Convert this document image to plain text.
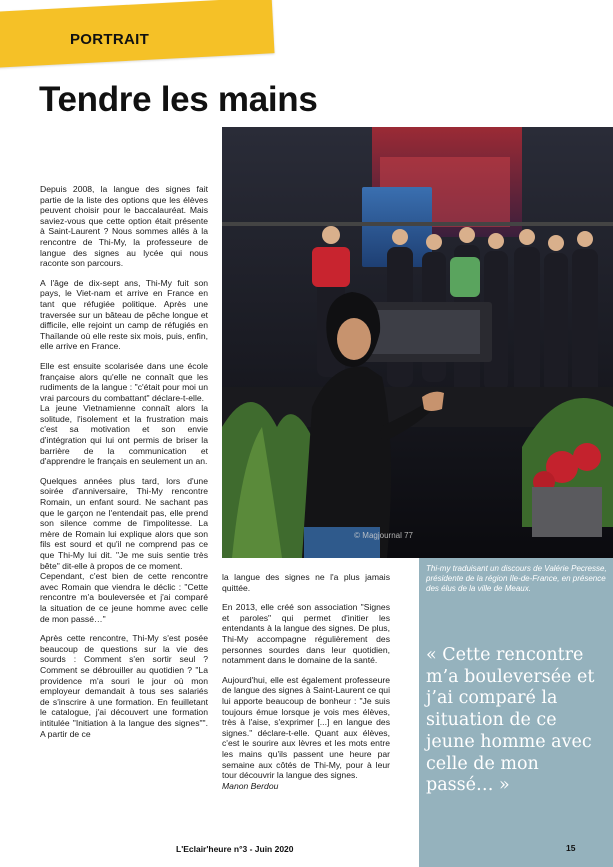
PORTRAIT
Tendre les mains

Depuis 2008, la langue des signes fait partie de la liste des options que les élèves peuvent choisir pour le baccalauréat. Mais saviez-vous que cette option était présente à Saint-Laurent ? Nous sommes allés à la rencontre de Thi-My, la professeure de langue des signes au lycée qui nous raconte son parcours.

A l'âge de dix-sept ans, Thi-My fuit son pays, le Viet-nam et arrive en France en tant que réfugiée politique. Après une traversée sur un bâteau de pêche longue et difficile, elle rejoint un camp de réfugiés en Thaïlande où elle reste six mois, puis, enfin, elle arrive en France.

Elle est ensuite scolarisée dans une école française alors qu'elle ne connaît que les rudiments de la langue : "c'était pour moi un vrai parcours du combattant" déclare-t-elle.

La jeune Vietnamienne connaît alors la solitude, l'isolement et la frustration mais c'est sa motivation et son envie d'intégration qui lui ont permis de briser la barrière de la communication et d'apprendre le français en seulement un an.

Quelques années plus tard, lors d'une soirée d'anniversaire, Thi-My rencontre Romain, un enfant sourd. Ne sachant pas que le garçon ne l'entendait pas, elle prend son silence comme de l'impolitesse. La mère de Romain lui explique alors que son fils est sourd et qu'il ne comprend pas ce que Thi-My lui dit. "Je me suis sentie très bête" dit-elle à propos de ce moment.

Cependant, c'est bien de cette rencontre avec Romain que viendra le déclic : "Cette rencontre m'a bouleversée et j'ai comparé la situation de ce jeune homme avec celle de mon passé…"

Après cette rencontre, Thi-My s'est posée beaucoup de questions sur la vie des sourds : Comment s'en sortir seul ? Comment se débrouiller au quotidien ? "La providence m'a souri le jour où mon employeur demandait à tous ses salariés de s'inscrire à une formation. En feuilletant le catalogue, j'ai découvert une formation intitulée "Initiation à la langue des signes"". A partir de ce

© Magjournal 77

la langue des signes ne l'a plus jamais quittée.

En 2013, elle créé son association "Signes et paroles" qui permet d'initier les entendants à la langue des signes. De plus, Thi-My accompagne régulièrement des personnes sourdes dans leur quotidien, notamment dans le domaine de la santé.

Aujourd'hui, elle est également professeure de langue des signes à Saint-Laurent ce qui lui apporte beaucoup de bonheur : "Je suis toujours émue lorsque je vois mes élèves, très à l'aise, s'exprimer [...] en langue des signes." déclare-t-elle. Quant aux élèves, c'est le sourire aux lèvres et les mots entre les mains qu'ils passent une heure par semaine aux côtés de Thi-My, pour à leur tour découvrir la langue des signes.

Manon Berdou

Thi-my traduisant un discours de Valérie Pecresse, présidente de la région Ile-de-France, en présence des élus de la ville de Meaux.
« Cette rencontre m’a bouleversée et j’ai comparé la situation de ce jeune homme avec celle de mon passé… »
L'Eclair'heure n°3 - Juin 2020	15
